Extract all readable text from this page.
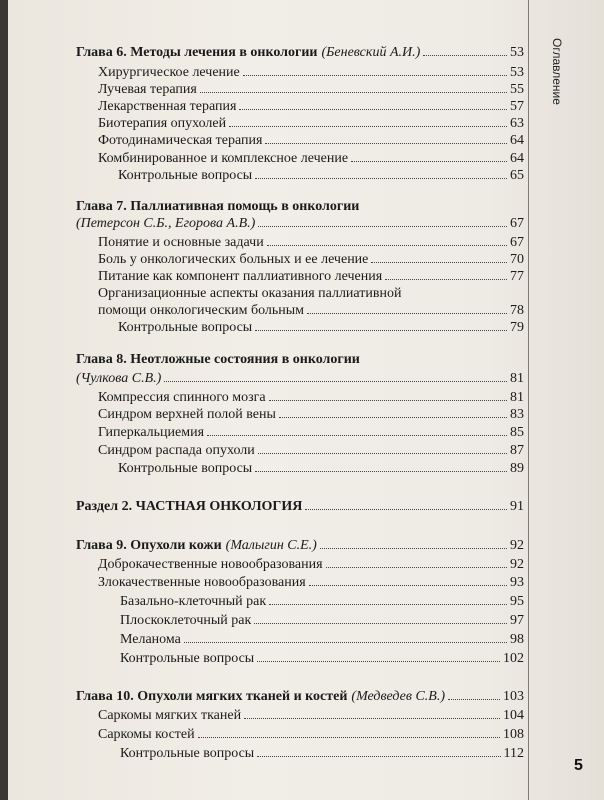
Оглавление
5
Глава 6. Методы лечения в онкологии (Беневский А.И.)	53
Хирургическое лечение	53
Лучевая терапия	55
Лекарственная терапия	57
Биотерапия опухолей	63
Фотодинамическая терапия	64
Комбинированное и комплексное лечение	64
Контрольные вопросы	65
Глава 7. Паллиативная помощь в онкологии
(Петерсон С.Б., Егорова А.В.)	67
Понятие и основные задачи	67
Боль у онкологических больных и ее лечение	70
Питание как компонент паллиативного лечения	77
Организационные аспекты оказания паллиативной
помощи онкологическим больным	78
Контрольные вопросы	79
Глава 8. Неотложные состояния в онкологии
(Чулкова С.В.)	81
Компрессия спинного мозга	81
Синдром верхней полой вены	83
Гиперкальциемия	85
Синдром распада опухоли	87
Контрольные вопросы	89
Раздел 2. ЧАСТНАЯ ОНКОЛОГИЯ	91
Глава 9. Опухоли кожи (Малыгин С.Е.)	92
Доброкачественные новообразования	92
Злокачественные новообразования	93
Базально-клеточный рак	95
Плоскоклеточный рак	97
Меланома	98
Контрольные вопросы	102
Глава 10. Опухоли мягких тканей и костей (Медведев С.В.)	103
Саркомы мягких тканей	104
Саркомы костей	108
Контрольные вопросы	112
